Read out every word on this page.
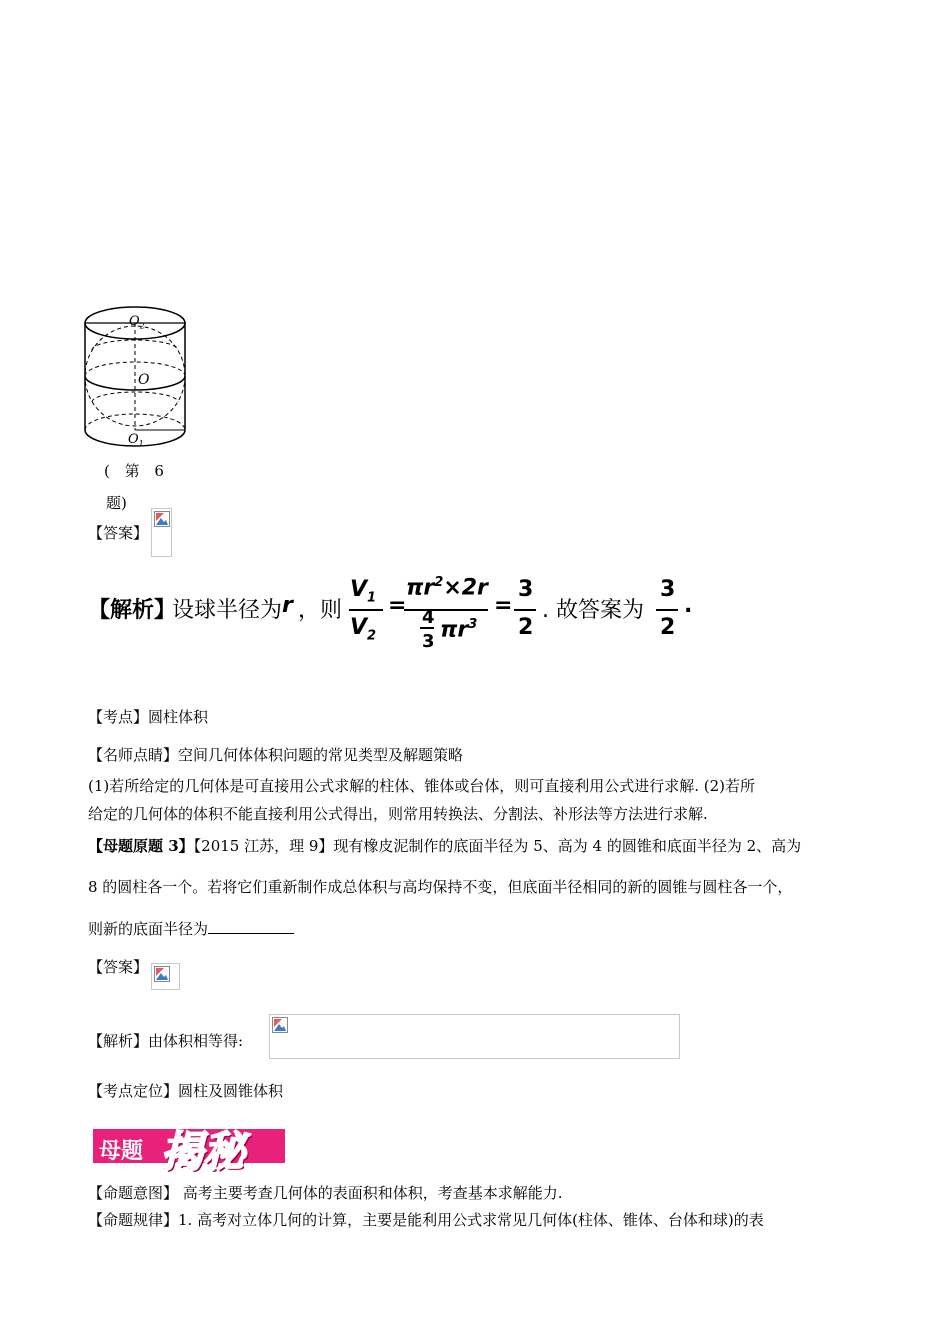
$O_2$
O
$O_1$
( 第 6
题)
【答案】
【解析】
设球半径为 r ，则
$V_1$
$V_2$
=
$\pi r^2\times 2r$
4
3 $\pi r^3$
=
3
2
. 故答案为
3
2
.
【考点】圆柱体积
【名师点睛】空间几何体体积问题的常见类型及解题策略
(1)若所给定的几何体是可直接用公式求解的柱体、锥体或台体，则可直接利用公式进行求解. (2)若所
给定的几何体的体积不能直接利用公式得出，则常用转换法、分割法、补形法等方法进行求解.
【母题原题 3】【2015 江苏，理 9】现有橡皮泥制作的底面半径为 5、高为 4 的圆锥和底面半径为 2、高为
8 的圆柱各一个。若将它们重新制作成总体积与高均保持不变，但底面半径相同的新的圆锥与圆柱各一个，
则新的底面半径为
【答案】
【解析】由体积相等得:
【考点定位】圆柱及圆锥体积
母题 揭秘
【命题意图】 高考主要考查几何体的表面积和体积，考查基本求解能力.
【命题规律】1. 高考对立体几何的计算，主要是能利用公式求常见几何体(柱体、锥体、台体和球)的表
